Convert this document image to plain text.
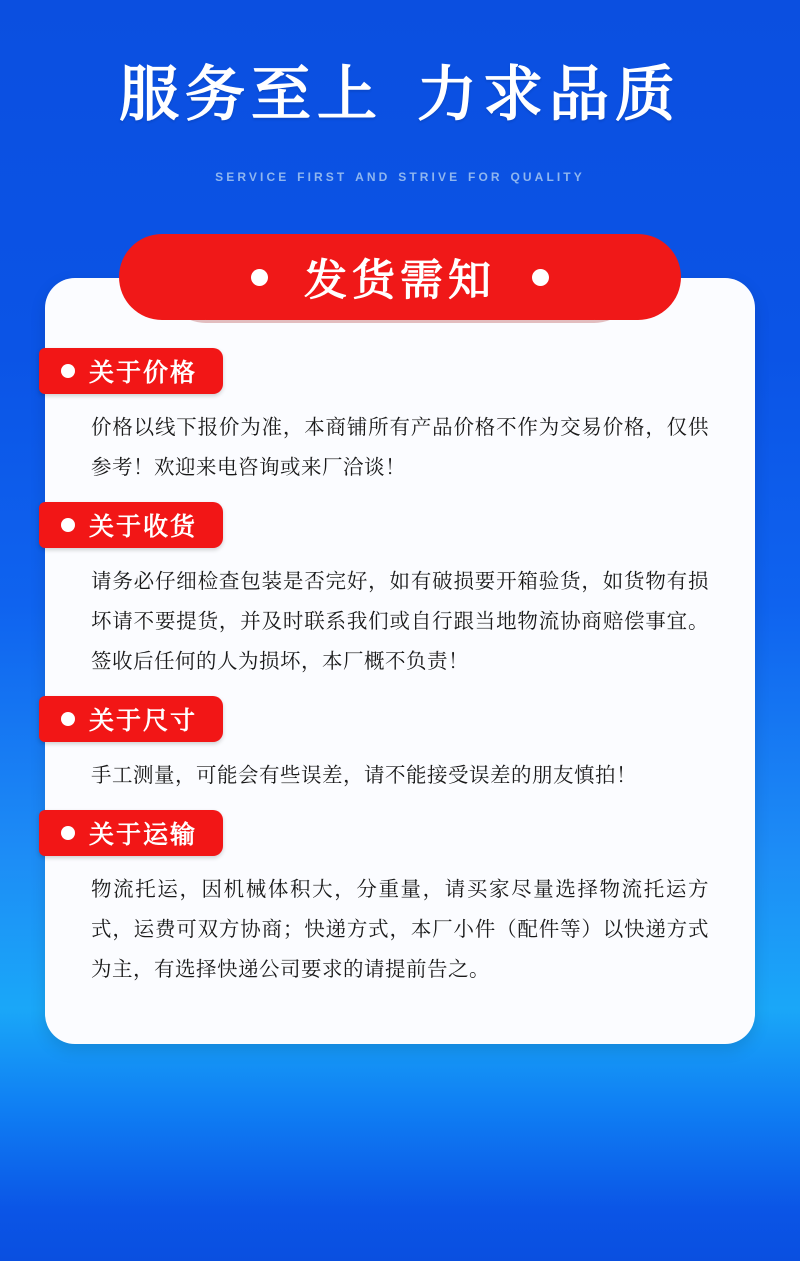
服务至上 力求品质
service first and strive for quality
发货需知
关于价格
价格以线下报价为准，本商铺所有产品价格不作为交易价格，仅供参考！欢迎来电咨询或来厂洽谈！
关于收货
请务必仔细检查包装是否完好，如有破损要开箱验货，如货物有损坏请不要提货，并及时联系我们或自行跟当地物流协商赔偿事宜。签收后任何的人为损坏，本厂概不负责！
关于尺寸
手工测量，可能会有些误差，请不能接受误差的朋友慎拍！
关于运输
物流托运，因机械体积大，分重量，请买家尽量选择物流托运方式，运费可双方协商；快递方式，本厂小件（配件等）以快递方式为主，有选择快递公司要求的请提前告之。
